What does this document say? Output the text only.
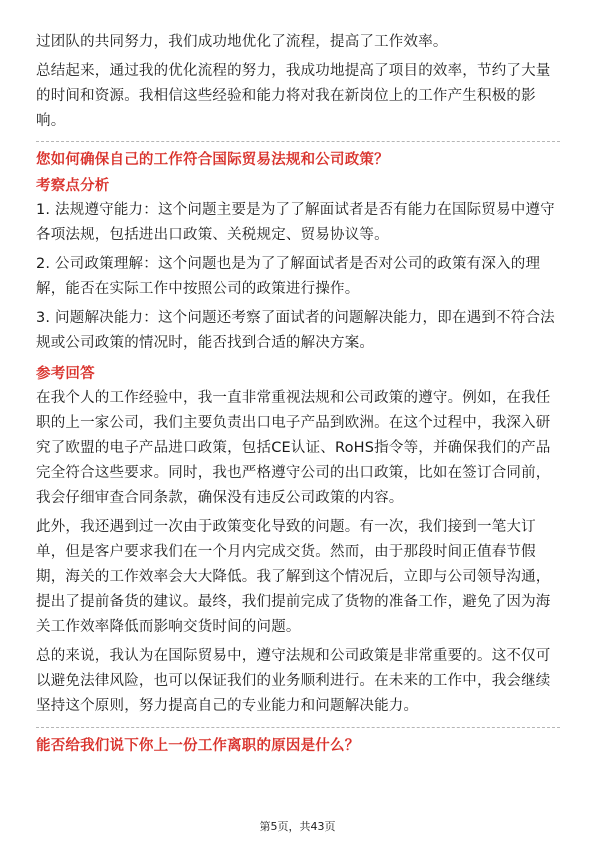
过团队的共同努力，我们成功地优化了流程，提高了工作效率。

总结起来，通过我的优化流程的努力，我成功地提高了项目的效率，节约了大量的时间和资源。我相信这些经验和能力将对我在新岗位上的工作产生积极的影响。

您如何确保自己的工作符合国际贸易法规和公司政策？

考察点分析

1. 法规遵守能力：这个问题主要是为了了解面试者是否有能力在国际贸易中遵守各项法规，包括进出口政策、关税规定、贸易协议等。

2. 公司政策理解：这个问题也是为了了解面试者是否对公司的政策有深入的理解，能否在实际工作中按照公司的政策进行操作。

3. 问题解决能力：这个问题还考察了面试者的问题解决能力，即在遇到不符合法规或公司政策的情况时，能否找到合适的解决方案。

参考回答

在我个人的工作经验中，我一直非常重视法规和公司政策的遵守。例如，在我任职的上一家公司，我们主要负责出口电子产品到欧洲。在这个过程中，我深入研究了欧盟的电子产品进口政策，包括CE认证、RoHS指令等，并确保我们的产品完全符合这些要求。同时，我也严格遵守公司的出口政策，比如在签订合同前，我会仔细审查合同条款，确保没有违反公司政策的内容。

此外，我还遇到过一次由于政策变化导致的问题。有一次，我们接到一笔大订单，但是客户要求我们在一个月内完成交货。然而，由于那段时间正值春节假期，海关的工作效率会大大降低。我了解到这个情况后，立即与公司领导沟通，提出了提前备货的建议。最终，我们提前完成了货物的准备工作，避免了因为海关工作效率降低而影响交货时间的问题。

总的来说，我认为在国际贸易中，遵守法规和公司政策是非常重要的。这不仅可以避免法律风险，也可以保证我们的业务顺利进行。在未来的工作中，我会继续坚持这个原则，努力提高自己的专业能力和问题解决能力。

能否给我们说下你上一份工作离职的原因是什么？

第5页，共43页
